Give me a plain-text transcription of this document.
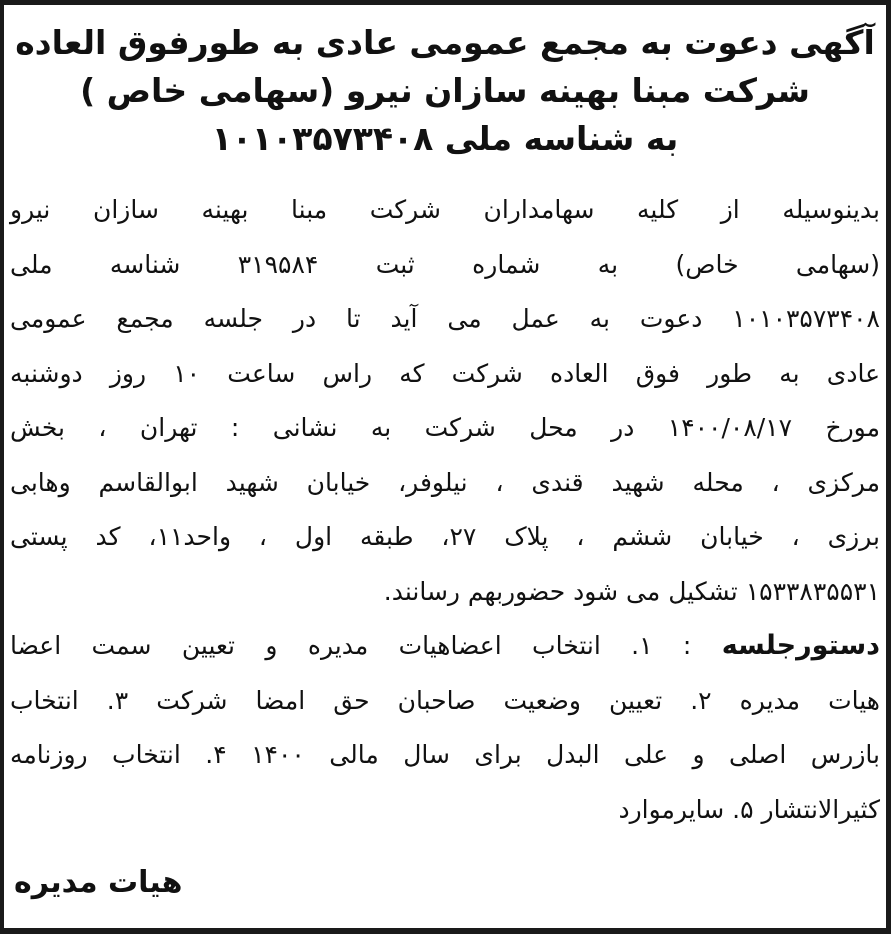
آگهی دعوت به مجمع عمومی عادی به طورفوق العاده
شرکت مبنا بهینه سازان نیرو (سهامی خاص )
به شناسه ملی ۱۰۱۰۳۵۷۳۴۰۸
بدینوسیله از کلیه سهامداران شرکت مبنا بهینه سازان نیرو
(سهامی خاص) به شماره ثبت ۳۱۹۵۸۴ شناسه ملی
۱۰۱۰۳۵۷۳۴۰۸ دعوت به عمل می آید تا در جلسه مجمع عمومی
عادی به طور فوق العاده شرکت که راس ساعت ۱۰ روز دوشنبه
مورخ ۱۴۰۰/۰۸/۱۷ در محل شرکت به نشانی : تهران ، بخش
مرکزی ، محله شهید قندی ، نیلوفر، خیابان شهید ابوالقاسم وهابی
برزی ، خیابان ششم ، پلاک ۲۷، طبقه اول ، واحد۱۱، کد پستی
۱۵۳۳۸۳۵۵۳۱ تشکیل می شود حضوربهم رسانند.
دستورجلسه : ۱. انتخاب اعضاهیات مدیره و تعیین سمت اعضا
هیات مدیره ۲. تعیین وضعیت صاحبان حق امضا شرکت ۳. انتخاب
بازرس اصلی و علی البدل برای سال مالی ۱۴۰۰ ۴. انتخاب روزنامه
کثیرالانتشار ۵. سایرموارد
هیات مدیره
